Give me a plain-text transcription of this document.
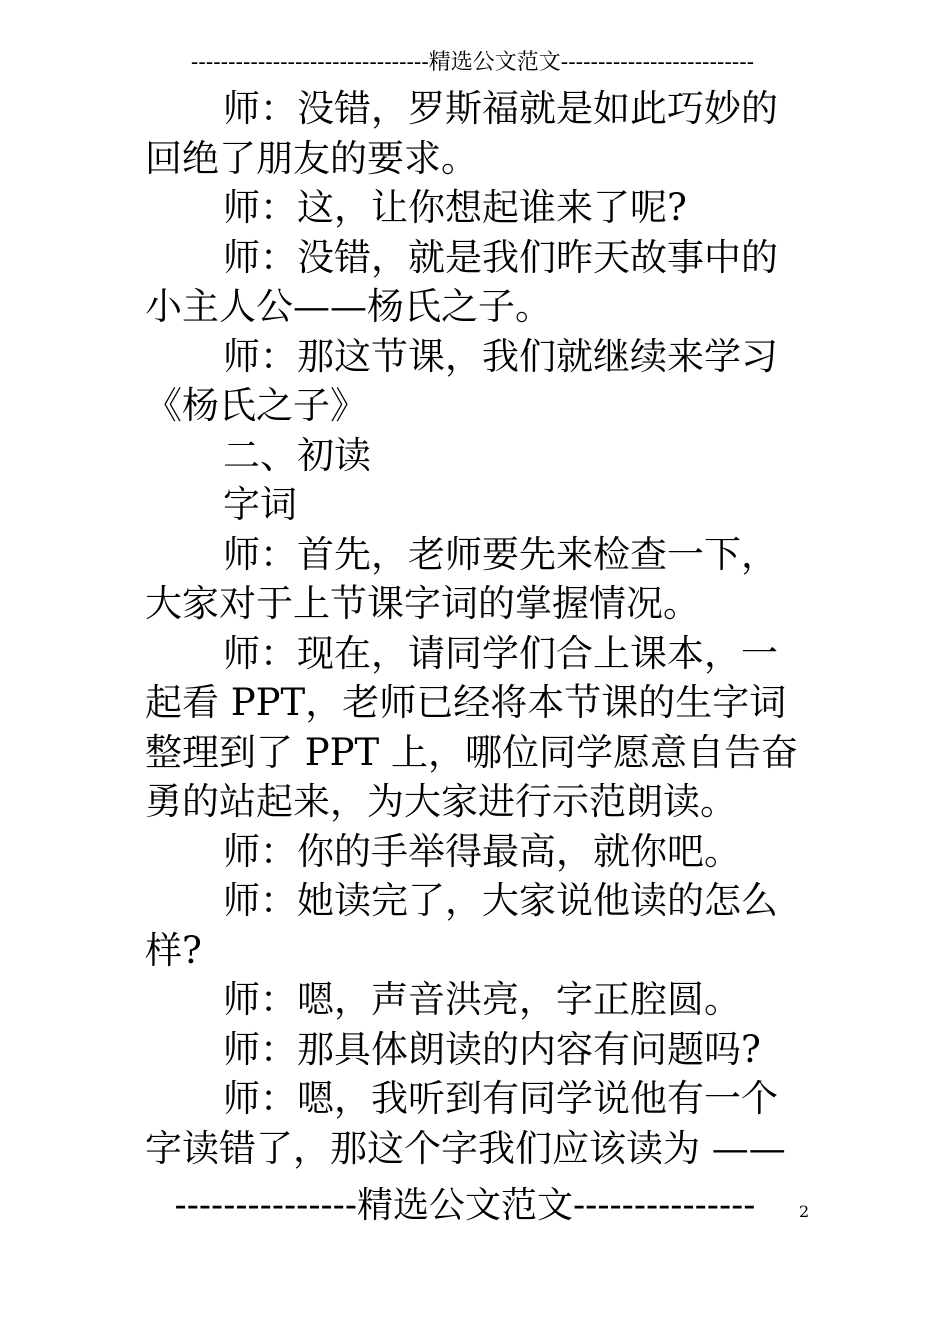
--------------------------------精选公文范文--------------------------

师：没错，罗斯福就是如此巧妙的回绝了朋友的要求。

师：这，让你想起谁来了呢?

师：没错，就是我们昨天故事中的小主人公——杨氏之子。

师：那这节课，我们就继续来学习《杨氏之子》

二、初读

字词

师：首先，老师要先来检查一下，大家对于上节课字词的掌握情况。

师：现在，请同学们合上课本，一起看 PPT，老师已经将本节课的生字词整理到了 PPT 上，哪位同学愿意自告奋勇的站起来，为大家进行示范朗读。

师：你的手举得最高，就你吧。

师：她读完了，大家说他读的怎么样?

师：嗯，声音洪亮，字正腔圆。

师：那具体朗读的内容有问题吗?

师：嗯，我听到有同学说他有一个字读错了，那这个字我们应该读为 ——

---------------精选公文范文---------------	2
